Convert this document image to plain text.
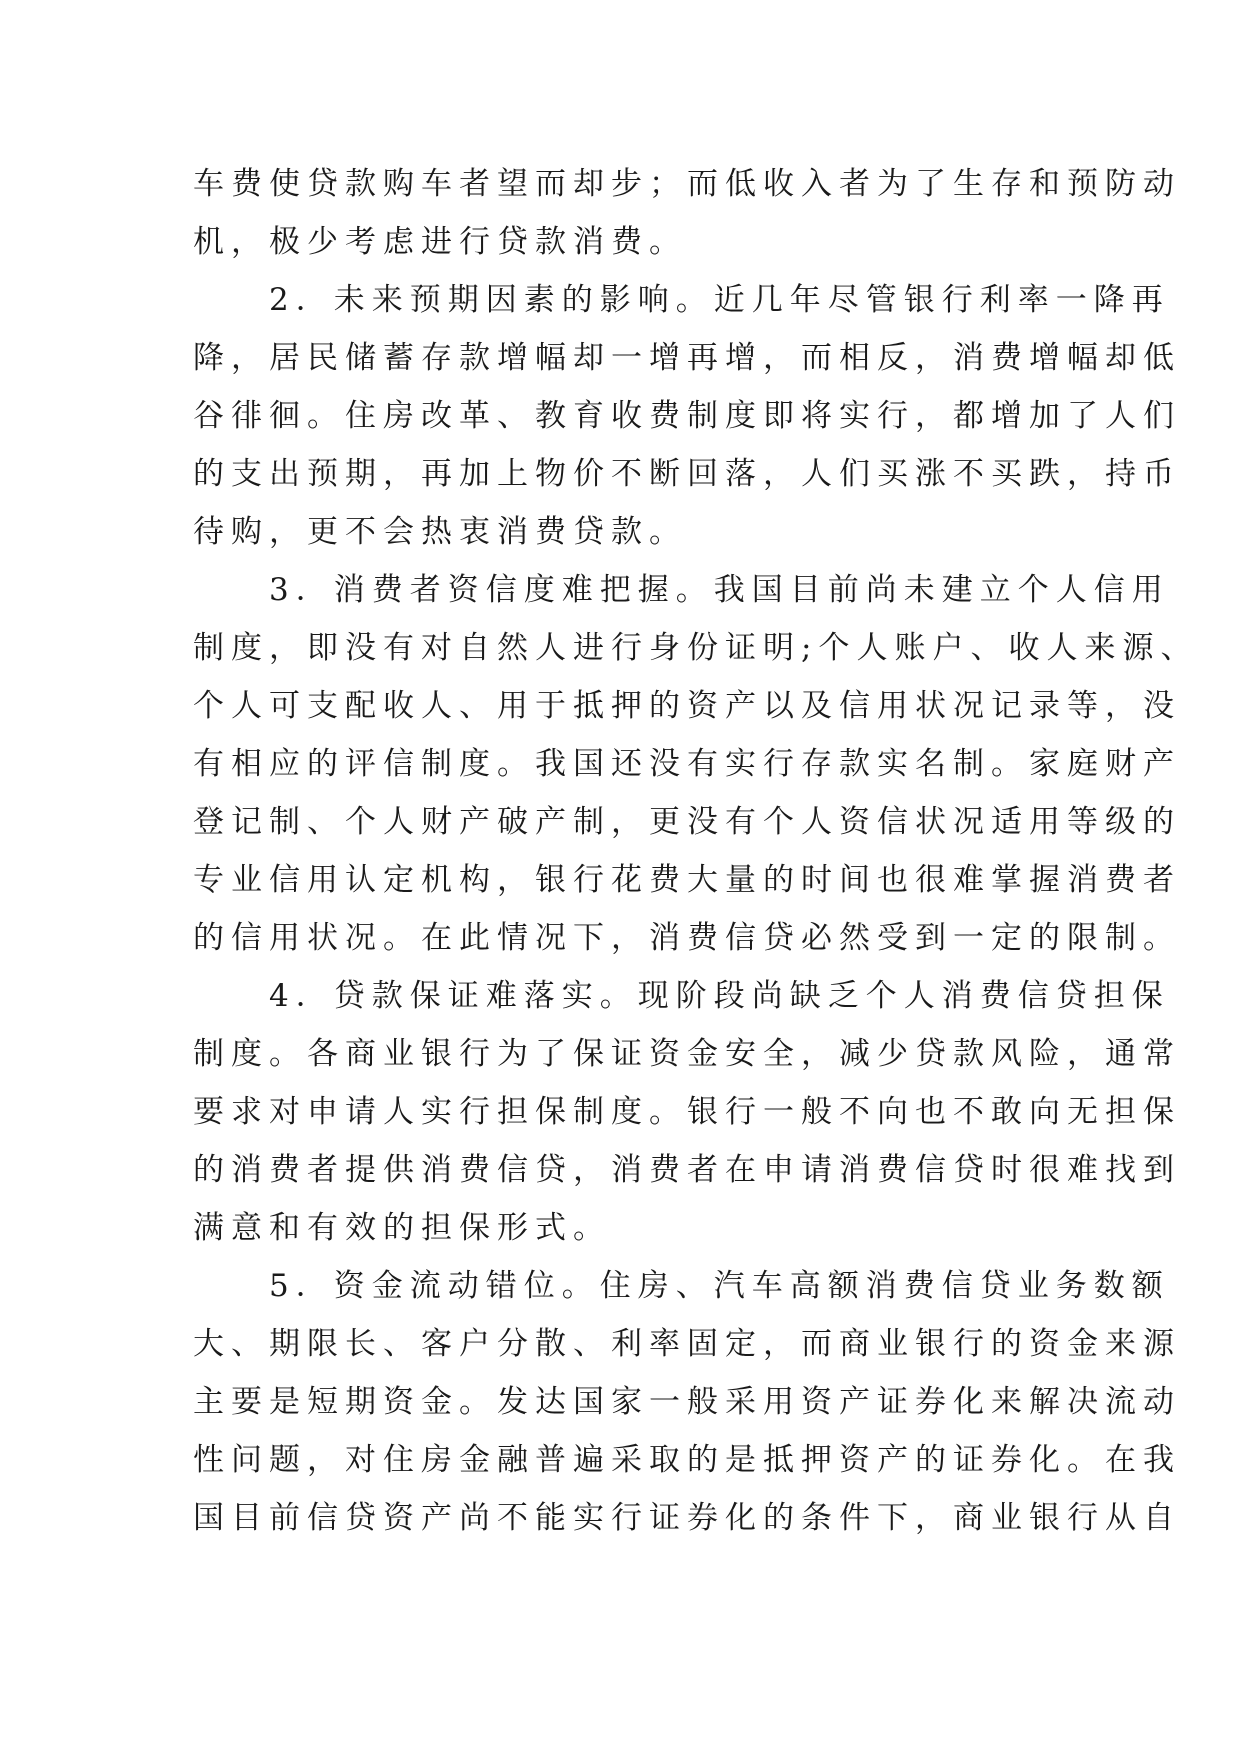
车费使贷款购车者望而却步；而低收入者为了生存和预防动
机，极少考虑进行贷款消费。
　　2．未来预期因素的影响。近几年尽管银行利率一降再
降，居民储蓄存款增幅却一增再增，而相反，消费增幅却低
谷徘徊。住房改革、教育收费制度即将实行，都增加了人们
的支出预期，再加上物价不断回落，人们买涨不买跌，持币
待购，更不会热衷消费贷款。
　　3．消费者资信度难把握。我国目前尚未建立个人信用
制度，即没有对自然人进行身份证明;个人账户、收人来源、
个人可支配收人、用于抵押的资产以及信用状况记录等，没
有相应的评信制度。我国还没有实行存款实名制。家庭财产
登记制、个人财产破产制，更没有个人资信状况适用等级的
专业信用认定机构，银行花费大量的时间也很难掌握消费者
的信用状况。在此情况下，消费信贷必然受到一定的限制。
　　4．贷款保证难落实。现阶段尚缺乏个人消费信贷担保
制度。各商业银行为了保证资金安全，减少贷款风险，通常
要求对申请人实行担保制度。银行一般不向也不敢向无担保
的消费者提供消费信贷，消费者在申请消费信贷时很难找到
满意和有效的担保形式。
　　5．资金流动错位。住房、汽车高额消费信贷业务数额
大、期限长、客户分散、利率固定，而商业银行的资金来源
主要是短期资金。发达国家一般采用资产证券化来解决流动
性问题，对住房金融普遍采取的是抵押资产的证券化。在我
国目前信贷资产尚不能实行证券化的条件下，商业银行从自
